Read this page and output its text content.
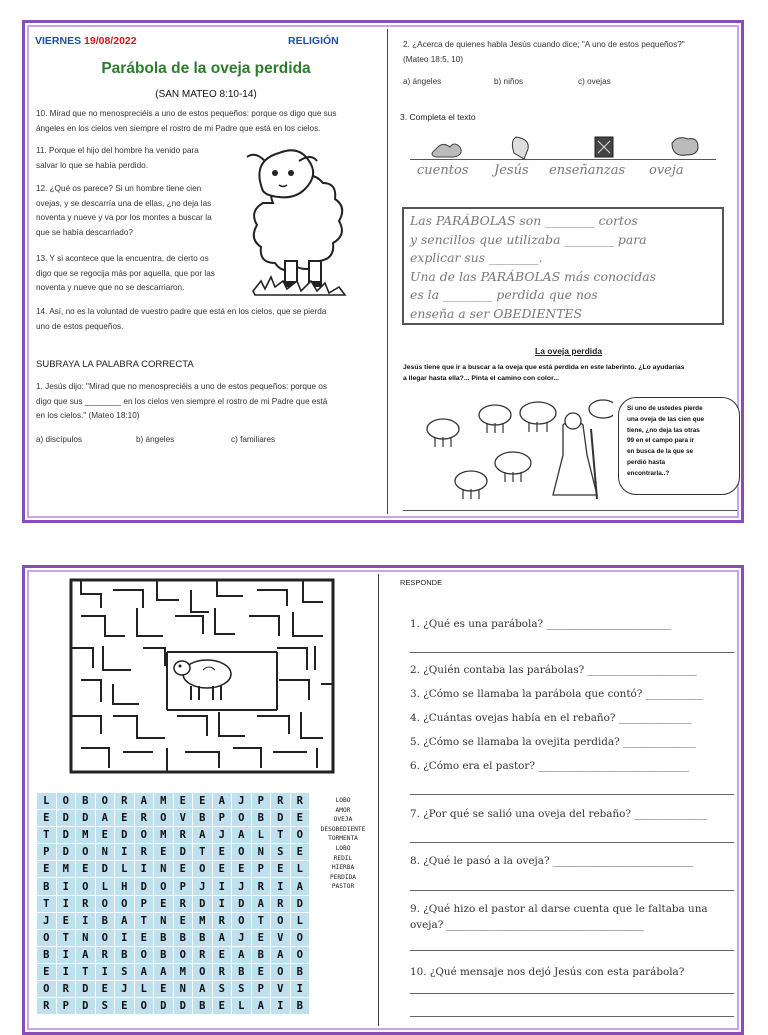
VIERNES 19/08/2022	RELIGIÓN
Parábola de la oveja perdida
(SAN MATEO 8:10-14)
10. Mirad que no menospreciéis a uno de estos pequeños: porque os digo que sus
ángeles en los cielos ven siempre el rostro de mi Padre que está en los cielos.
11. Porque el hijo del hombre ha venido para
salvar lo que se había perdido.
12. ¿Qué os parece? Si un hombre tiene cien
ovejas, y se descarría una de ellas, ¿no deja las
noventa y nueve y va por los montes a buscar la
que se había descarriado?
13. Y si acontece que la encuentra, de cierto os
digo que se regocija más por aquella, que por las
noventa y nueve que no se descarriaron.
14. Así, no es la voluntad de vuestro padre que está en los cielos, que se pierda
uno de estos pequeños.
SUBRAYA LA PALABRA CORRECTA
1. Jesús dijo: "Mirad que no menospreciéis a uno de estos pequeños: porque os
digo que sus ________ en los cielos ven siempre el rostro de mi Padre que está
en los cielos." (Mateo 18:10)
a) discípulos	b) ángeles	c) familiares
2. ¿Acerca de quienes habla Jesús cuando dice; "A uno de estos pequeños?"
(Mateo 18:5, 10)
a) ángeles	b) niños	c) ovejas
3. Completa el texto
cuentos Jesús enseñanzas oveja
Las PARÁBOLAS son ________ cortos
y sencillos que utilizaba ________ para
explicar sus ________.
Una de las PARÁBOLAS más conocidas
es la ________ perdida que nos
enseña a ser OBEDIENTES
La oveja perdida
Jesús tiene que ir a buscar a la oveja que está perdida en este laberinto. ¿Lo ayudarías
a llegar hasta ella?... Pinta el camino con color...
Si uno de ustedes pierde
una oveja de las cien que
tiene, ¿no deja las otras
99 en el campo para ir
en busca de la que se
perdió hasta
encontrarla..?
L	O	B	O	R	A	M	E	E	A	J	P	R	R
E	D	D	A	E	R	O	V	B	P	O	B	D	E
T	D	M	E	D	O	M	R	A	J	A	L	T	O
P	D	O	N	I	R	E	D	T	E	O	N	S	E
E	M	E	D	L	I	N	E	O	E	E	P	E	L
B	I	O	L	H	D	O	P	J	I	J	R	I	A
T	I	R	O	O	P	E	R	D	I	D	A	R	D
J	E	I	B	A	T	N	E	M	R	O	T	O	L
O	T	N	O	I	E	B	B	B	A	J	E	V	O
B	I	A	R	B	O	B	O	R	E	A	B	A	O
E	I	T	I	S	A	A	M	O	R	B	E	O	B
O	R	D	E	J	L	E	N	A	S	S	P	V	I
R	P	D	S	E	O	D	D	B	E	L	A	I	B
LOBO
AMOR
OVEJA
DESOBEDIENTE
TORMENTA
LOBO
REDIL
HIERBA
PERDIDA
PASTOR
RESPONDE
1. ¿Qué es una parábola? ________________________
2. ¿Quién contaba las parábolas? _____________________
3. ¿Cómo se llamaba la parábola que contó? ___________
4. ¿Cuántas ovejas había en el rebaño? ______________
5. ¿Cómo se llamaba la ovejita perdida? ______________
6. ¿Cómo era el pastor? _____________________________
7. ¿Por qué se salió una oveja del rebaño? ______________
8. ¿Qué le pasó a la oveja? ___________________________
9. ¿Qué hizo el pastor al darse cuenta que le faltaba una
oveja? ______________________________________
10. ¿Qué mensaje nos dejó Jesús con esta parábola?
